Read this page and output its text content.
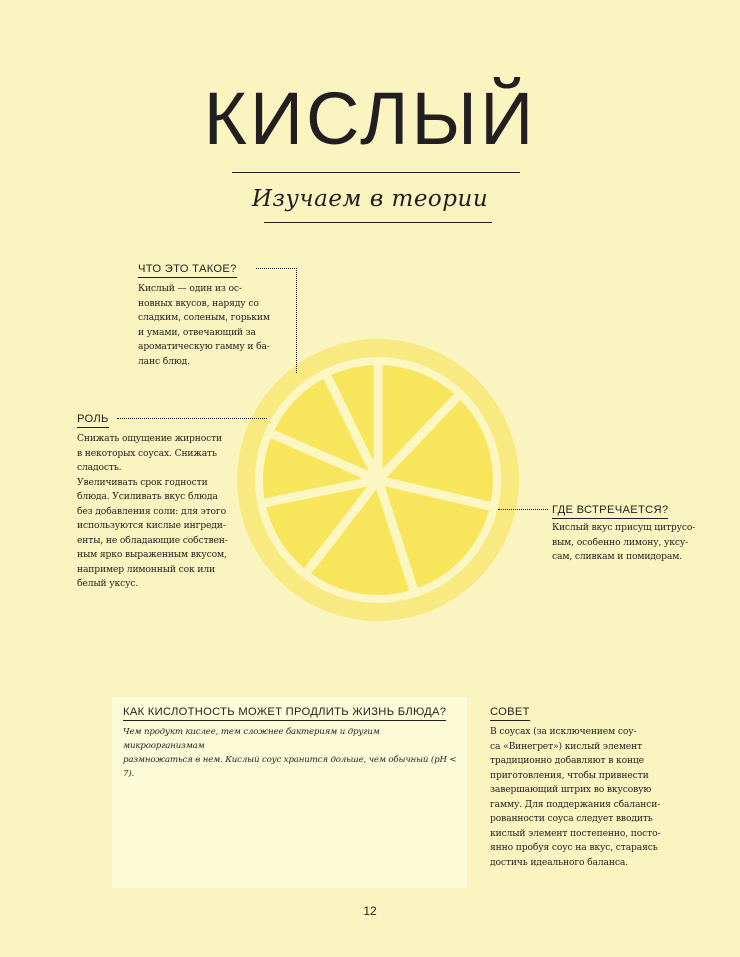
КИСЛЫЙ
Изучаем в теории
ЧТО ЭТО ТАКОЕ?
Кислый — один из ос-
новных вкусов, наряду со
сладким, соленым, горьким
и умами, отвечающий за
ароматическую гамму и ба-
ланс блюд.
РОЛЬ
Снижать ощущение жирности
в некоторых соусах. Снижать
сладость.
Увеличивать срок годности
блюда. Усиливать вкус блюда
без добавления соли: для этого
используются кислые ингреди-
енты, не обладающие собствен-
ным ярко выраженным вкусом,
например лимонный сок или
белый уксус.
ГДЕ ВСТРЕЧАЕТСЯ?
Кислый вкус присущ цитрусо-
вым, особенно лимону, уксу-
сам, сливкам и помидорам.
КАК КИСЛОТНОСТЬ МОЖЕТ ПРОДЛИТЬ ЖИЗНЬ БЛЮДА?
Чем продукт кислее, тем сложнее бактериям и другим микроорганизмам
размножаться в нем. Кислый соус хранится дольше, чем обычный (pH < 7).
СОВЕТ
В соусах (за исключением соу-
са «Винегрет») кислый элемент
традиционно добавляют в конце
приготовления, чтобы привнести
завершающий штрих во вкусовую
гамму. Для поддержания сбаланси-
рованности соуса следует вводить
кислый элемент постепенно, посто-
янно пробуя соус на вкус, стараясь
достичь идеального баланса.
12
